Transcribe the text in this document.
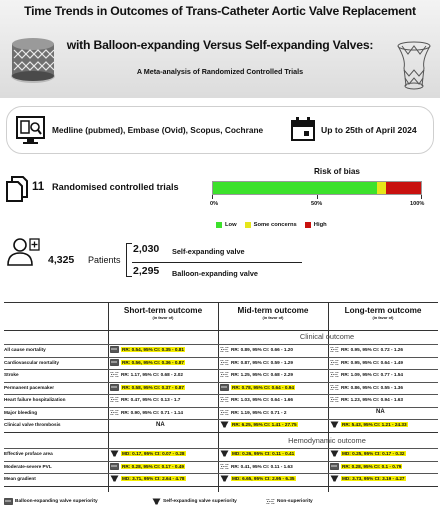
Time Trends in Outcomes of Trans-Catheter Aortic Valve Replacement
with Balloon-expanding Versus Self-expanding Valves:
A Meta-analysis of Randomized Controlled Trials
Medline (pubmed), Embase (Ovid), Scopus, Cochrane	Up to 25th of April 2024
11 Randomised controlled trials
Risk of bias
0%	50%	100%
Low	Some concerns	High
4,325 Patients
2,030 Self-expanding valve
2,295 Balloon-expanding valve
Short-term outcome
(in favor of)
Mid-term outcome
(in favor of)
Long-term outcome
(in favor of)
Clinical outcome
All cause mortality	RR: 0.54, 95% CI: 0.35 - 0.81	RR: 0.89, 95% CI: 0.66 - 1.20	RR: 0.95, 95% CI: 0.72 - 1.26
Cardiovascular mortality	RR: 0.56, 95% CI: 0.36 - 0.87	RR: 0.87, 95% CI: 0.59 - 1.29	RR: 0.95, 95% CI: 0.64 - 1.49
Stroke	RR: 1.17, 95% CI: 0.68 - 2.02	RR: 1.25, 95% CI: 0.68 - 2.29	RR: 1.09, 95% CI: 0.77 - 1.54
Permanent pacemaker	RR: 0.58, 95% CI: 0.37 - 0.87	RR: 0.78, 95% CI: 0.64 - 0.94	RR: 0.86, 95% CI: 0.55 - 1.36
Heart failure hospitalization	RR: 0.47, 95% CI: 0.13 - 1.7	RR: 1.03, 95% CI: 0.64 - 1.66	RR: 1.23, 95% CI: 0.94 - 1.63
Major bleeding	RR: 0.90, 95% CI: 0.71 - 1.14	RR: 1.19, 95% CI: 0.71 - 2	NA
Clinical valve thrombosis	NA	RR: 6.25, 95% CI: 1.41 - 27.75	RR: 5.43, 95% CI: 1.21 - 24.33
Hemodynamic outcome
Effective proface area	MD: 0.17, 95% CI: 0.07 - 0.28	MD: 0.26, 95% CI: 0.11 - 0.41	MD: 0.25, 95% CI: 0.17 - 0.32
Moderate-severe PVL	RR: 0.28, 95% CI: 0.17 - 0.49	RR: 0.41, 95% CI: 0.11 - 1.63	RR: 0.28, 95% CI: 0.1 - 0.79
Mean gradient	MD: 3.71, 95% CI: 2.64 - 4.78	MD: 6.65, 95% CI: 2.95 - 6.35	MD: 3.73, 95% CI: 3.19 - 4.27
Balloon-expanding valve superiority	Self-expanding valve superiority	Non-superiority
